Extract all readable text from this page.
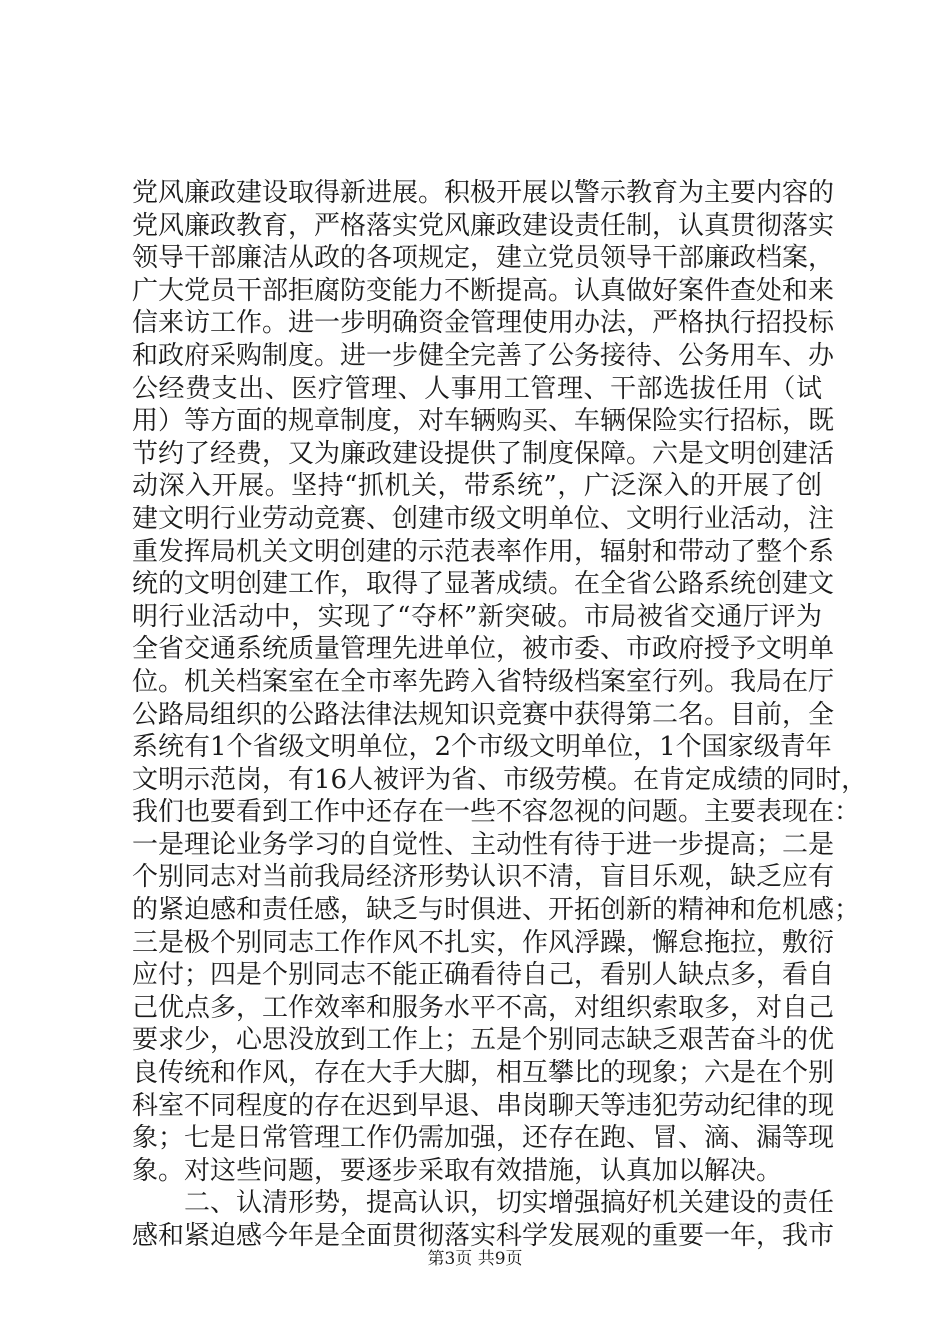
党风廉政建设取得新进展。积极开展以警示教育为主要内容的
党风廉政教育，严格落实党风廉政建设责任制，认真贯彻落实
领导干部廉洁从政的各项规定，建立党员领导干部廉政档案，
广大党员干部拒腐防变能力不断提高。认真做好案件查处和来
信来访工作。进一步明确资金管理使用办法，严格执行招投标
和政府采购制度。进一步健全完善了公务接待、公务用车、办
公经费支出、医疗管理、人事用工管理、干部选拔任用（试
用）等方面的规章制度，对车辆购买、车辆保险实行招标，既
节约了经费，又为廉政建设提供了制度保障。六是文明创建活
动深入开展。坚持“抓机关，带系统”，广泛深入的开展了创
建文明行业劳动竞赛、创建市级文明单位、文明行业活动，注
重发挥局机关文明创建的示范表率作用，辐射和带动了整个系
统的文明创建工作，取得了显著成绩。在全省公路系统创建文
明行业活动中，实现了“夺杯”新突破。市局被省交通厅评为
全省交通系统质量管理先进单位，被市委、市政府授予文明单
位。机关档案室在全市率先跨入省特级档案室行列。我局在厅
公路局组织的公路法律法规知识竞赛中获得第二名。目前，全
系统有1个省级文明单位，2个市级文明单位，1个国家级青年
文明示范岗，有16人被评为省、市级劳模。在肯定成绩的同时，
我们也要看到工作中还存在一些不容忽视的问题。主要表现在：
一是理论业务学习的自觉性、主动性有待于进一步提高；二是
个别同志对当前我局经济形势认识不清，盲目乐观，缺乏应有
的紧迫感和责任感，缺乏与时俱进、开拓创新的精神和危机感；
三是极个别同志工作作风不扎实，作风浮躁，懈怠拖拉，敷衍
应付；四是个别同志不能正确看待自己，看别人缺点多，看自
己优点多，工作效率和服务水平不高，对组织索取多，对自己
要求少，心思没放到工作上；五是个别同志缺乏艰苦奋斗的优
良传统和作风，存在大手大脚，相互攀比的现象；六是在个别
科室不同程度的存在迟到早退、串岗聊天等违犯劳动纪律的现
象；七是日常管理工作仍需加强，还存在跑、冒、滴、漏等现
象。对这些问题，要逐步采取有效措施，认真加以解决。
二、认清形势，提高认识，切实增强搞好机关建设的责任
感和紧迫感今年是全面贯彻落实科学发展观的重要一年，我市
第3页 共9页
